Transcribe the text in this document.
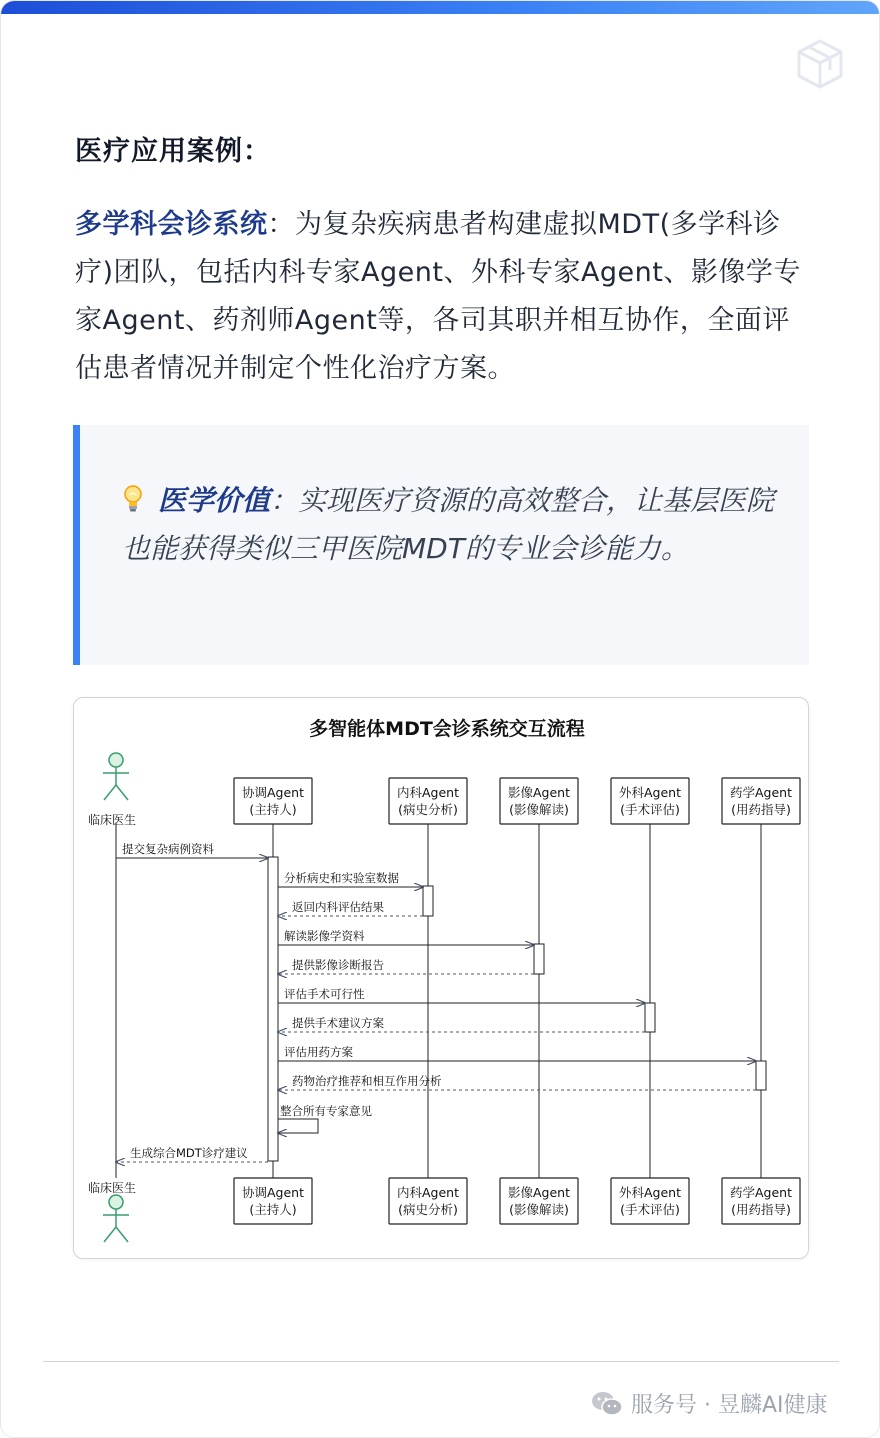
医疗应用案例：
多学科会诊系统：为复杂疾病患者构建虚拟MDT(多学科诊疗)团队，包括内科专家Agent、外科专家Agent、影像学专家Agent、药剂师Agent等，各司其职并相互协作，全面评估患者情况并制定个性化治疗方案。
医学价值：实现医疗资源的高效整合，让基层医院也能获得类似三甲医院MDT的专业会诊能力。
多智能体MDT会诊系统交互流程
临床医生
临床医生
协调Agent
(主持人)
协调Agent
(主持人)
内科Agent
(病史分析)
内科Agent
(病史分析)
影像Agent
(影像解读)
影像Agent
(影像解读)
外科Agent
(手术评估)
外科Agent
(手术评估)
药学Agent
(用药指导)
药学Agent
(用药指导)
提交复杂病例资料
分析病史和实验室数据
返回内科评估结果
解读影像学资料
提供影像诊断报告
评估手术可行性
提供手术建议方案
评估用药方案
药物治疗推荐和相互作用分析
整合所有专家意见
生成综合MDT诊疗建议
服务号 · 昱麟AI健康
